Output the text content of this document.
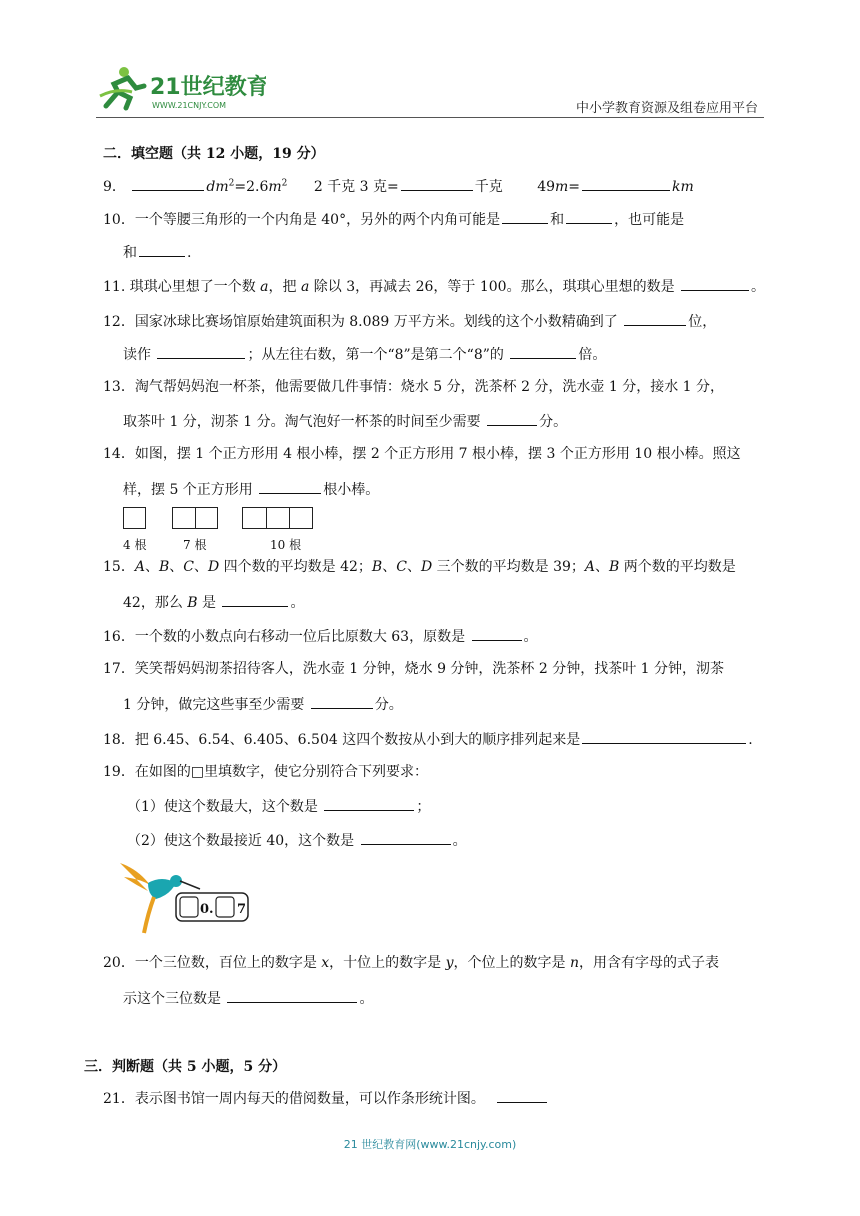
21世纪教育
WWW.21CNJY.COM	中小学教育资源及组卷应用平台
二．填空题（共 12 小题，19 分）
9．	$dm^2=2.6m^2$ 2 千克 3 克=	千克 49m=	km
10．一个等腰三角形的一个内角是 40°，另外的两个内角可能是	和	，也可能是
和	.
11. 琪琪心里想了一个数 a，把 a 除以 3，再减去 26，等于 100。那么，琪琪心里想的数是	。
12．国家冰球比赛场馆原始建筑面积为 8.089 万平方米。划线的这个小数精确到了	位，
读作	；从左往右数，第一个“8”是第二个“8”的	倍。
13．淘气帮妈妈泡一杯茶，他需要做几件事情：烧水 5 分，洗茶杯 2 分，洗水壶 1 分，接水 1 分，
取茶叶 1 分，沏茶 1 分。淘气泡好一杯茶的时间至少需要	分。
14．如图，摆 1 个正方形用 4 根小棒，摆 2 个正方形用 7 根小棒，摆 3 个正方形用 10 根小棒。照这
样，摆 5 个正方形用	根小棒。
4 根	7 根	10 根
15．A、B、C、D 四个数的平均数是 42；B、C、D 三个数的平均数是 39；A、B 两个数的平均数是
42，那么 B 是	。
16．一个数的小数点向右移动一位后比原数大 63，原数是	。
17．笑笑帮妈妈沏茶招待客人，洗水壶 1 分钟，烧水 9 分钟，洗茶杯 2 分钟，找茶叶 1 分钟，沏茶
1 分钟，做完这些事至少需要	分。
18．把 6.45、6.54、6.405、6.504 这四个数按从小到大的顺序排列起来是	.
19．在如图的□里填数字，使它分别符合下列要求：
（1）使这个数最大，这个数是	；
（2）使这个数最接近 40，这个数是	。
0. 7
20．一个三位数，百位上的数字是 x，十位上的数字是 y，个位上的数字是 n，用含有字母的式子表
示这个三位数是	。
三．判断题（共 5 小题，5 分）
21．表示图书馆一周内每天的借阅数量，可以作条形统计图。
21 世纪教育网(www.21cnjy.com)
